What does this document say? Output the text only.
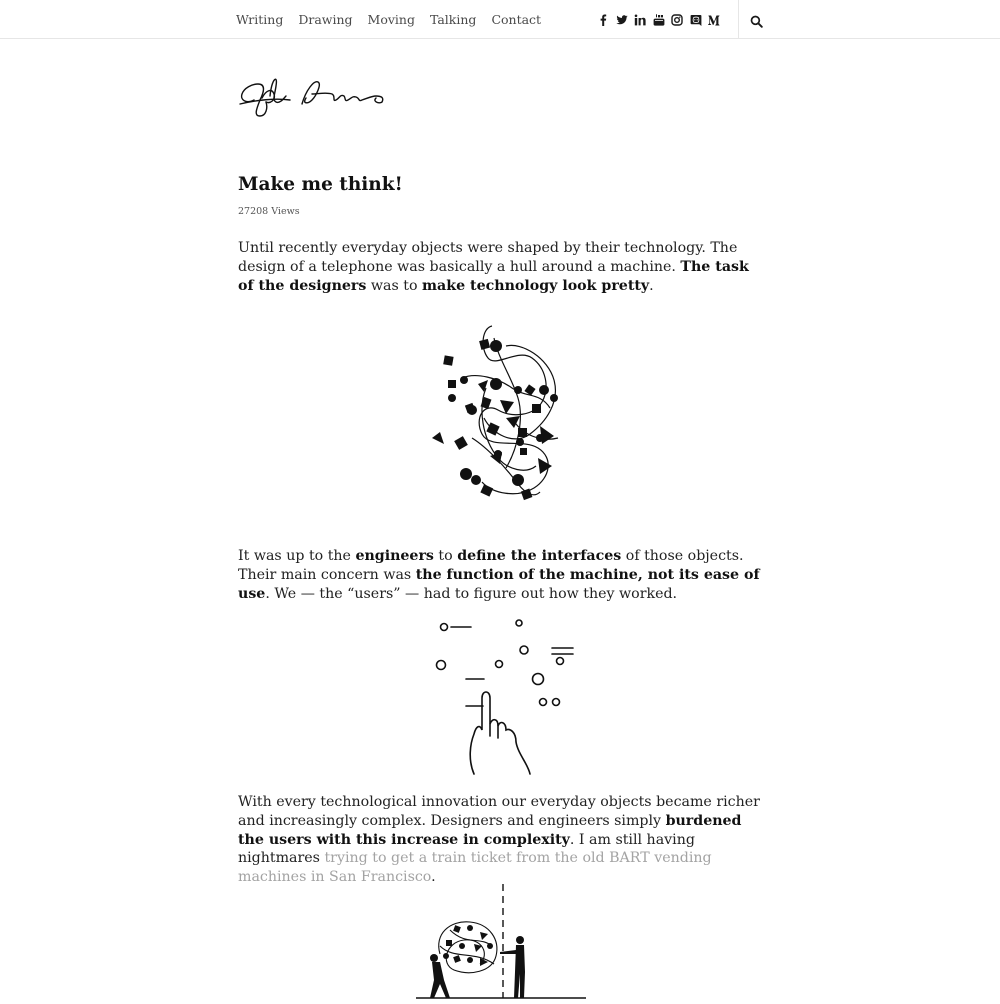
Writing Drawing Moving Talking Contact
Make me think!
27208 Views

Until recently everyday objects were shaped by their technology. The design of a telephone was basically a hull around a machine. The task of the designers was to make technology look pretty.

It was up to the engineers to define the interfaces of those objects. Their main concern was the function of the machine, not its ease of use. We — the “users” — had to figure out how they worked.

With every technological innovation our everyday objects became richer and increasingly complex. Designers and engineers simply burdened the users with this increase in complexity. I am still having nightmares trying to get a train ticket from the old BART vending machines in San Francisco.
